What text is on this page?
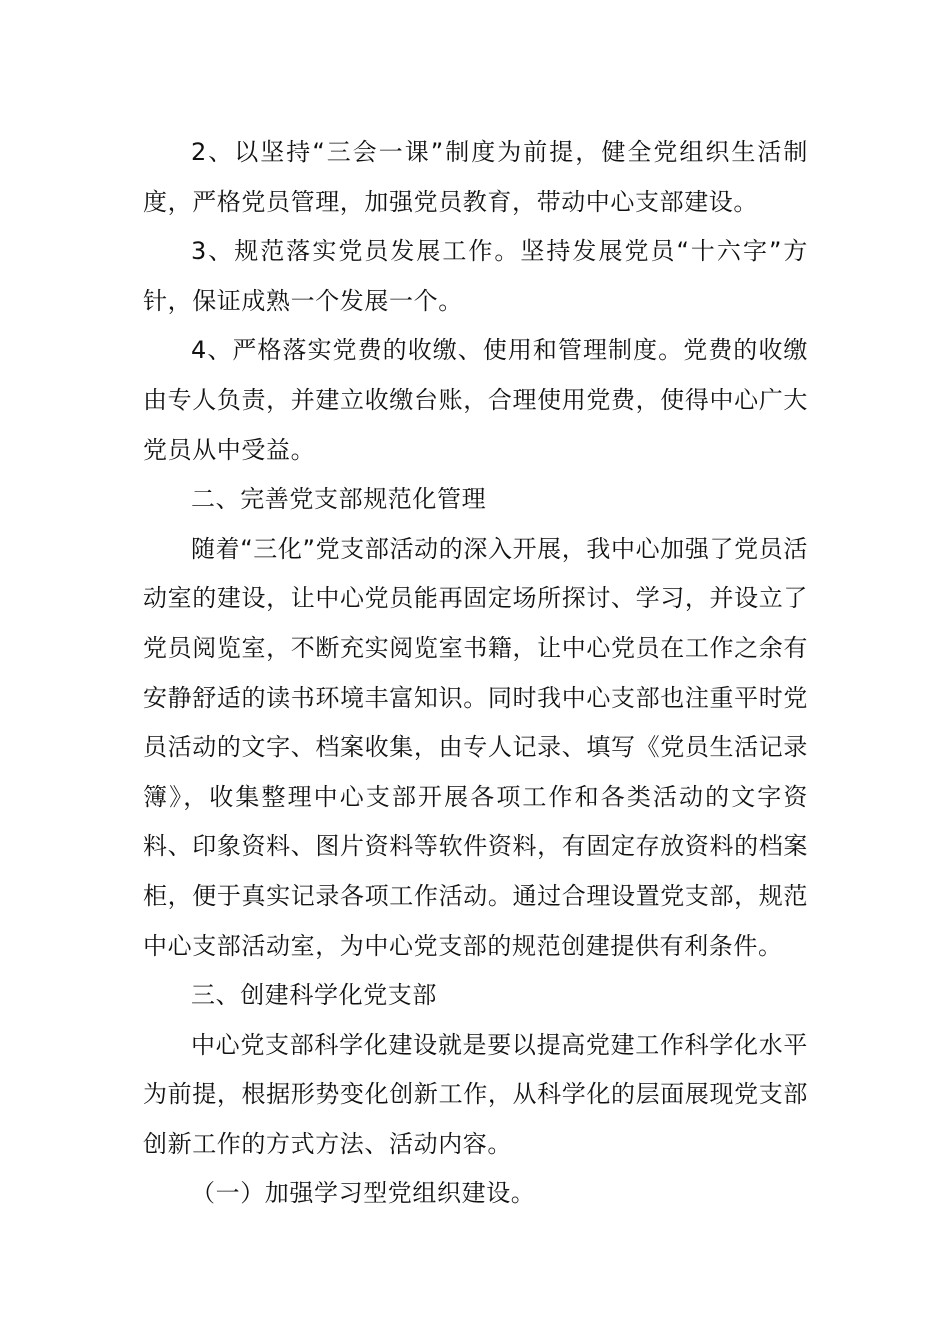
2、以坚持“三会一课”制度为前提，健全党组织生活制度，严格党员管理，加强党员教育，带动中心支部建设。

3、规范落实党员发展工作。坚持发展党员“十六字”方针，保证成熟一个发展一个。

4、严格落实党费的收缴、使用和管理制度。党费的收缴由专人负责，并建立收缴台账，合理使用党费，使得中心广大党员从中受益。

二、完善党支部规范化管理

随着“三化”党支部活动的深入开展，我中心加强了党员活动室的建设，让中心党员能再固定场所探讨、学习，并设立了党员阅览室，不断充实阅览室书籍，让中心党员在工作之余有安静舒适的读书环境丰富知识。同时我中心支部也注重平时党员活动的文字、档案收集，由专人记录、填写《党员生活记录簿》，收集整理中心支部开展各项工作和各类活动的文字资料、印象资料、图片资料等软件资料，有固定存放资料的档案柜，便于真实记录各项工作活动。通过合理设置党支部，规范中心支部活动室，为中心党支部的规范创建提供有利条件。

三、创建科学化党支部

中心党支部科学化建设就是要以提高党建工作科学化水平为前提，根据形势变化创新工作，从科学化的层面展现党支部创新工作的方式方法、活动内容。

（一）加强学习型党组织建设。
